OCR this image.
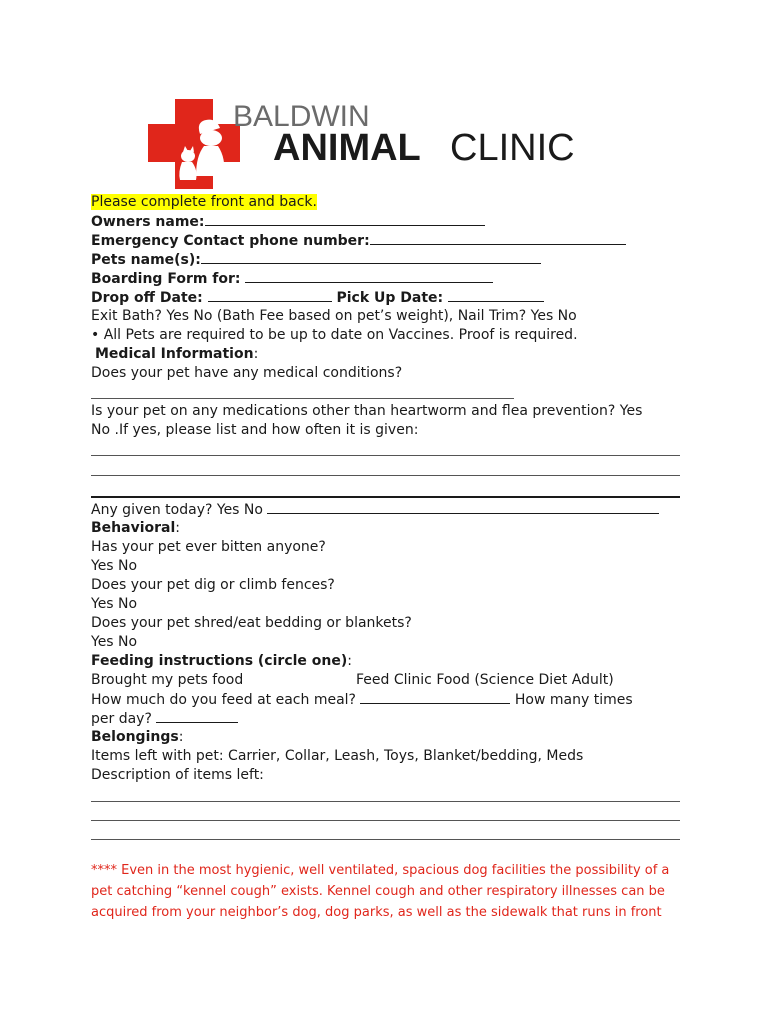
BALDWIN
ANIMAL CLINIC
Please complete front and back.
Owners name:
Emergency Contact phone number:
Pets name(s):
Boarding Form for:
Drop off Date:	Pick Up Date:
Exit Bath? Yes No (Bath Fee based on pet’s weight), Nail Trim? Yes No
• All Pets are required to be up to date on Vaccines. Proof is required.
Medical Information:
Does your pet have any medical conditions?
Is your pet on any medications other than heartworm and flea prevention? Yes
No .If yes, please list and how often it is given:
Any given today? Yes No
Behavioral:
Has your pet ever bitten anyone?
Yes No
Does your pet dig or climb fences?
Yes No
Does your pet shred/eat bedding or blankets?
Yes No
Feeding instructions (circle one):
Brought my pets food	Feed Clinic Food (Science Diet Adult)
How much do you feed at each meal?	How many times
per day?
Belongings:
Items left with pet: Carrier, Collar, Leash, Toys, Blanket/bedding, Meds
Description of items left:
**** Even in the most hygienic, well ventilated, spacious dog facilities the possibility of a
pet catching “kennel cough” exists. Kennel cough and other respiratory illnesses can be
acquired from your neighbor’s dog, dog parks, as well as the sidewalk that runs in front
